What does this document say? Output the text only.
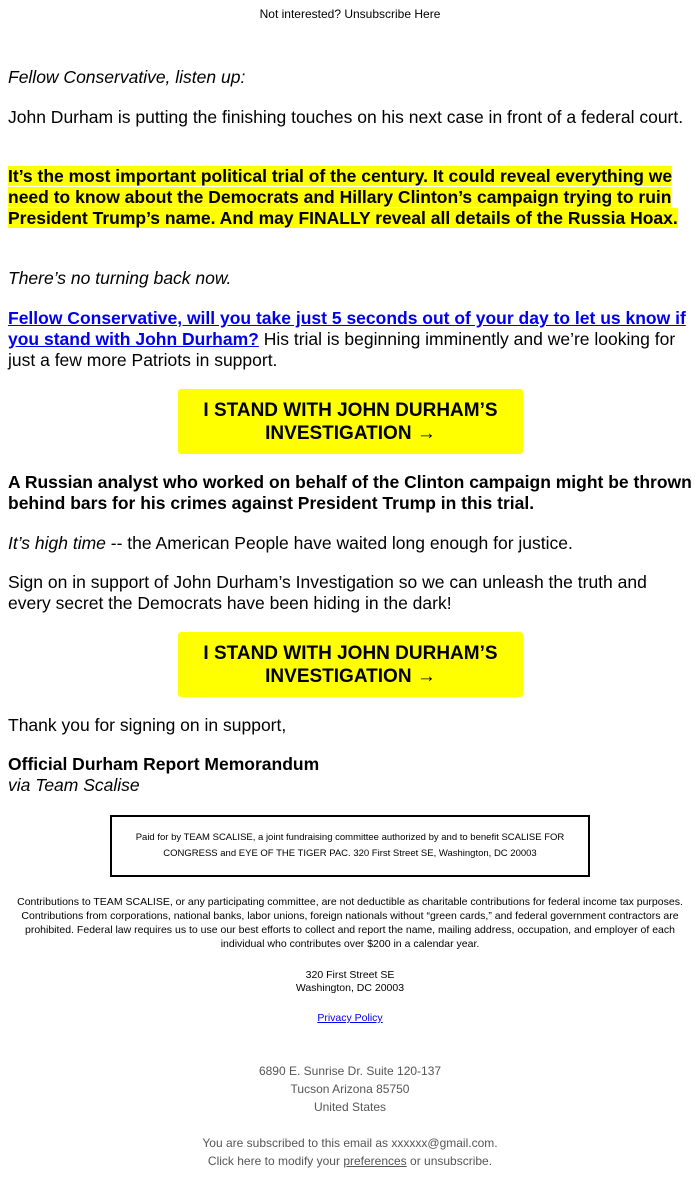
Not interested? Unsubscribe Here

Fellow Conservative, listen up:

John Durham is putting the finishing touches on his next case in front of a federal court.

It’s the most important political trial of the century. It could reveal everything we need to know about the Democrats and Hillary Clinton’s campaign trying to ruin President Trump’s name. And may FINALLY reveal all details of the Russia Hoax.

There’s no turning back now.

Fellow Conservative, will you take just 5 seconds out of your day to let us know if you stand with John Durham? His trial is beginning imminently and we’re looking for just a few more Patriots in support.

I STAND WITH JOHN DURHAM’S INVESTIGATION →

A Russian analyst who worked on behalf of the Clinton campaign might be thrown behind bars for his crimes against President Trump in this trial.

It’s high time -- the American People have waited long enough for justice.

Sign on in support of John Durham’s Investigation so we can unleash the truth and every secret the Democrats have been hiding in the dark!

I STAND WITH JOHN DURHAM’S INVESTIGATION →

Thank you for signing on in support,

Official Durham Report Memorandum

via Team Scalise

Paid for by TEAM SCALISE, a joint fundraising committee authorized by and to benefit SCALISE FOR CONGRESS and EYE OF THE TIGER PAC. 320 First Street SE, Washington, DC 20003
Contributions to TEAM SCALISE, or any participating committee, are not deductible as charitable contributions for federal income tax purposes. Contributions from corporations, national banks, labor unions, foreign nationals without “green cards,” and federal government contractors are prohibited. Federal law requires us to use our best efforts to collect and report the name, mailing address, occupation, and employer of each individual who contributes over $200 in a calendar year.
320 First Street SE
Washington, DC 20003
Privacy Policy
6890 E. Sunrise Dr. Suite 120-137
Tucson Arizona 85750
United States
You are subscribed to this email as xxxxxx@gmail.com.
Click here to modify your preferences or unsubscribe.
